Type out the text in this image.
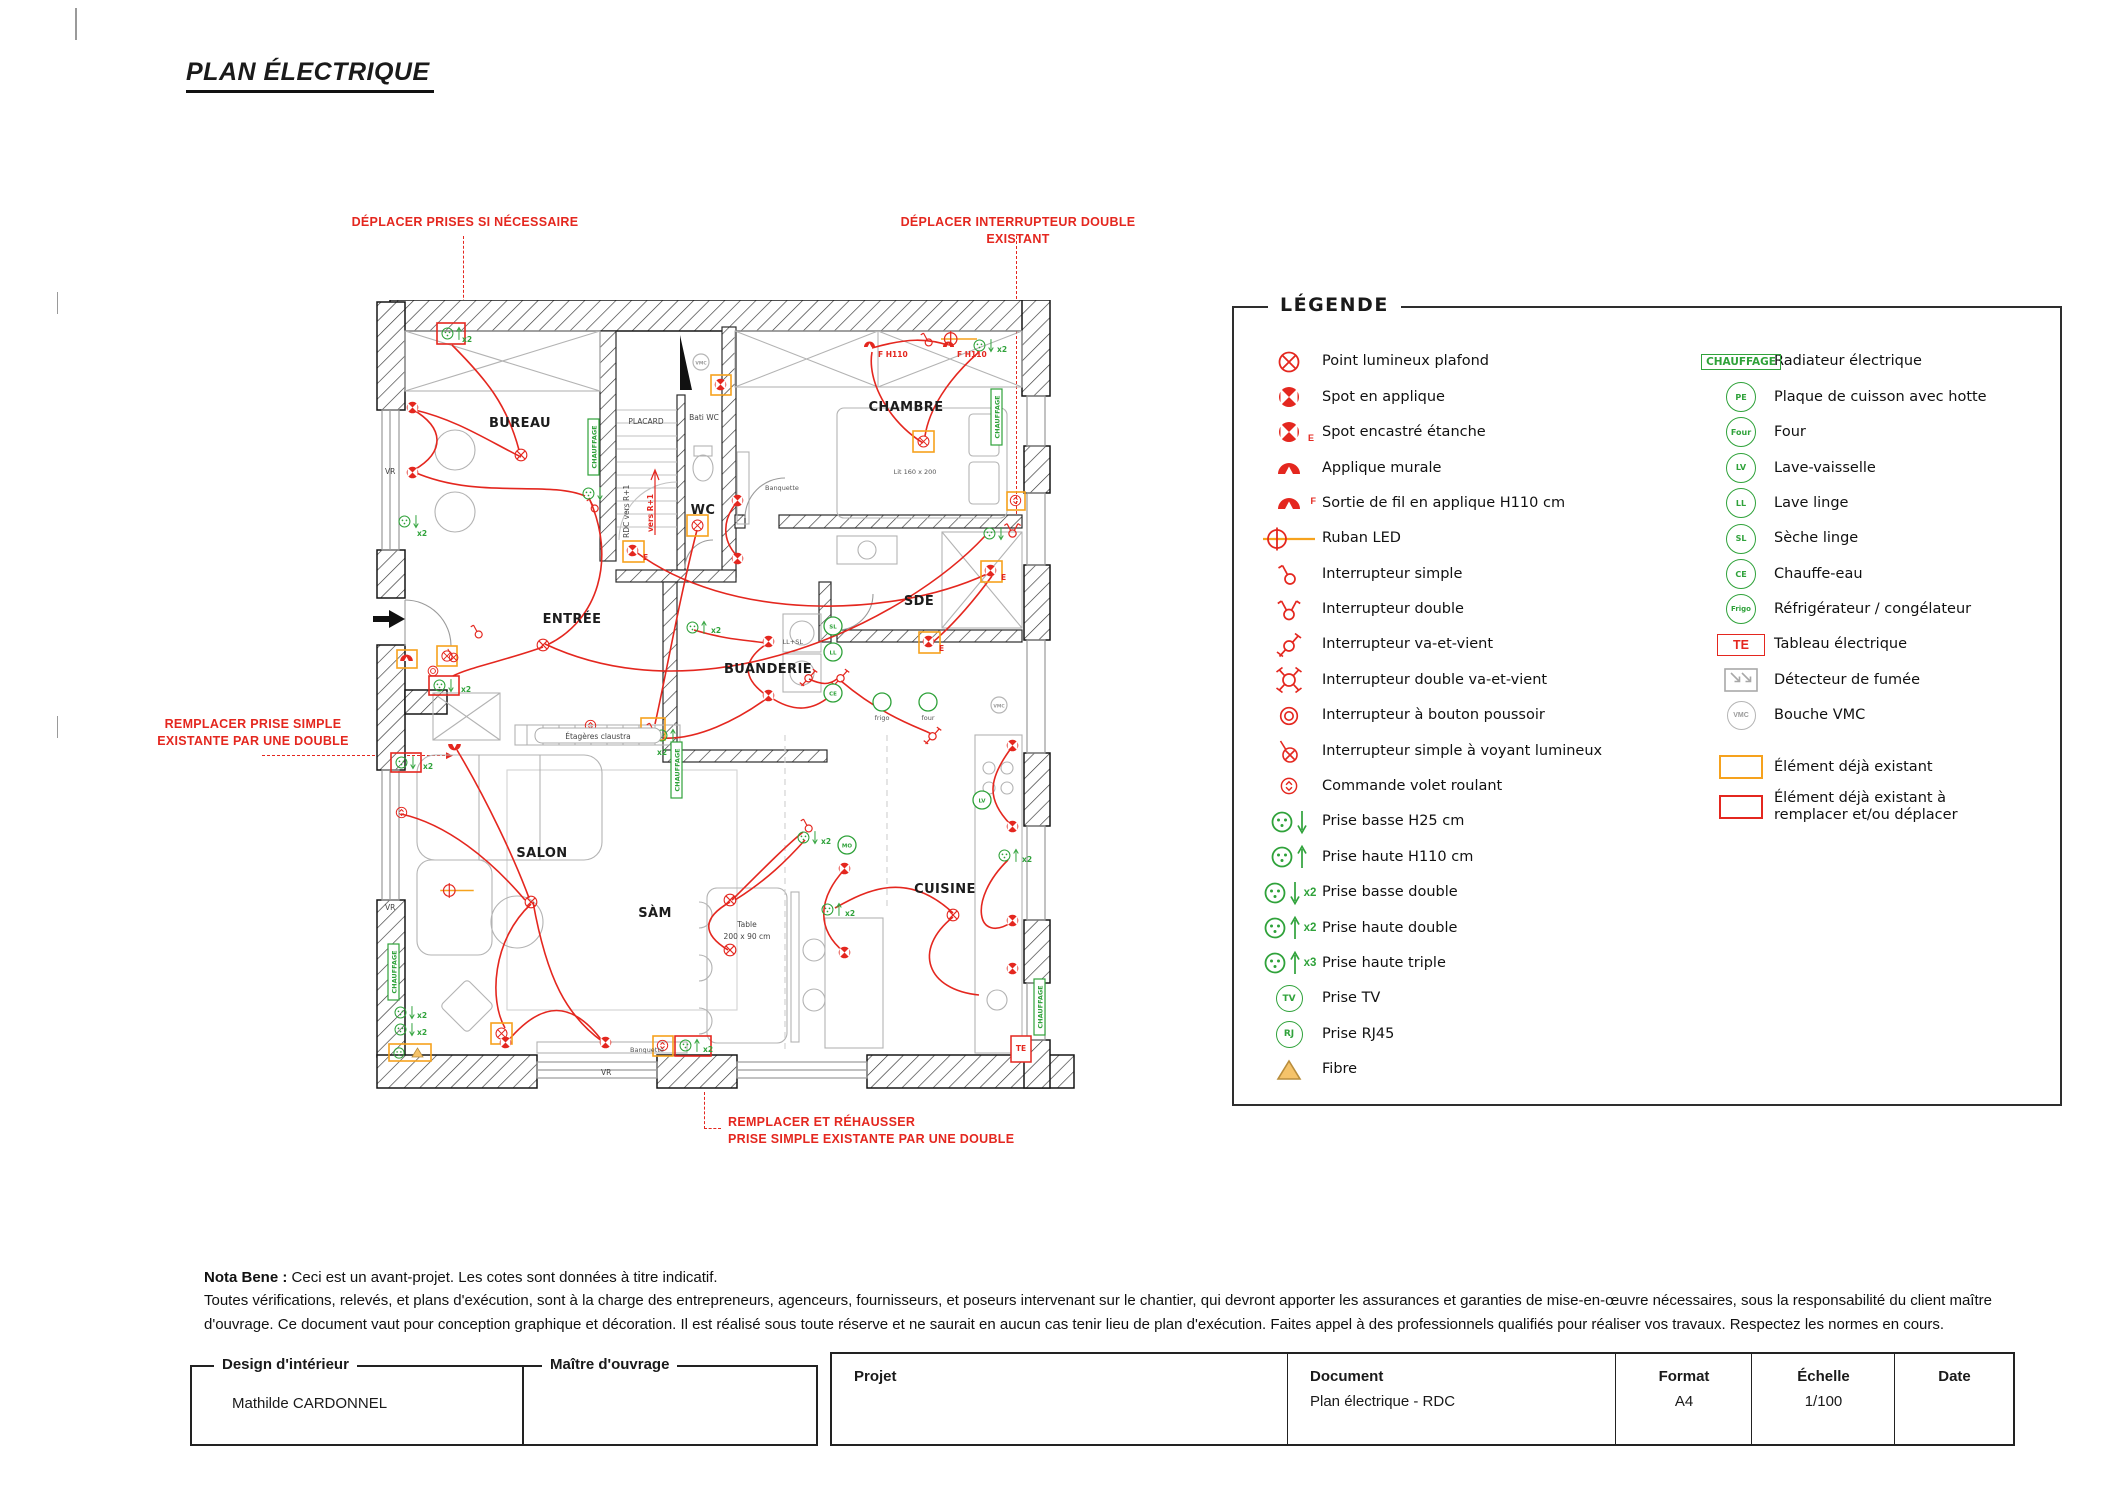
PLAN ÉLECTRIQUE
DÉPLACER PRISES SI NÉCESSAIRE	DÉPLACER INTERRUPTEUR DOUBLE EXISTANT
REMPLACER PRISE SIMPLE
EXISTANTE PAR UNE DOUBLE
▶
REMPLACER ET RÉHAUSSER
PRISE SIMPLE EXISTANTE PAR UNE DOUBLE
E
E
E
x2
x2
x2
x2
x2
x2
x2
x2
x2
x2
x2
x2
x2
SL
LL
CE
LV
MO
frigo	four
VMC
VMC
TE
CHAUFFAGE
CHAUFFAGE
CHAUFFAGE
CHAUFFAGE
CHAUFFAGE
BUREAU
CHAMBRE
WC
SDE
ENTRÉE
BUANDERIE
SALON
SÀM
CUISINE
PLACARD	Bati WC
Banquette
Banquette
Lit 160 x 200
RDC vers R+1 vers R+1
Étagères claustra
Table
200 x 90 cm
VR
VR
VR
F H110	F H110
LL+SL
LÉGENDE
Point lumineux plafond
Spot en applique
E Spot encastré étanche
Applique murale
F Sortie de fil en applique H110 cm
Ruban LED
Interrupteur simple
Interrupteur double
Interrupteur va-et-vient
Interrupteur double va-et-vient
Interrupteur à bouton poussoir
Interrupteur simple à voyant lumineux
Commande volet roulant
Prise basse H25 cm
Prise haute H110 cm
x2 Prise basse double
x2 Prise haute double
x3 Prise haute triple
TV	Prise TV
RJ	Prise RJ45
Fibre
CHAUFFAGE
Radiateur électrique
PE	Plaque de cuisson avec hotte
Four	Four
LV	Lave-vaisselle
LL	Lave linge
SL	Sèche linge
CE	Chauffe-eau
Frigo	Réfrigérateur / congélateur
TE	Tableau électrique
Détecteur de fumée
VMC	Bouche VMC
Élément déjà existant
Élément déjà existant à remplacer et/ou déplacer
Nota Bene : Ceci est un avant-projet. Les cotes sont données à titre indicatif.
Toutes vérifications, relevés, et plans d'exécution, sont à la charge des entrepreneurs, agenceurs, fournisseurs, et poseurs intervenant sur le chantier, qui devront apporter les assurances et garanties de mise-en-œuvre nécessaires, sous la responsabilité du client maître
d'ouvrage. Ce document vaut pour conception graphique et décoration. Il est réalisé sous toute réserve et ne saurait en aucun cas tenir lieu de plan d'exécution. Faites appel à des professionnels qualifiés pour réaliser vos travaux. Respectez les normes en cours.
Design d'intérieur
Mathilde CARDONNEL
Maître d'ouvrage
Projet	Document
Plan électrique - RDC
Format
A4
Échelle
1/100
Date
